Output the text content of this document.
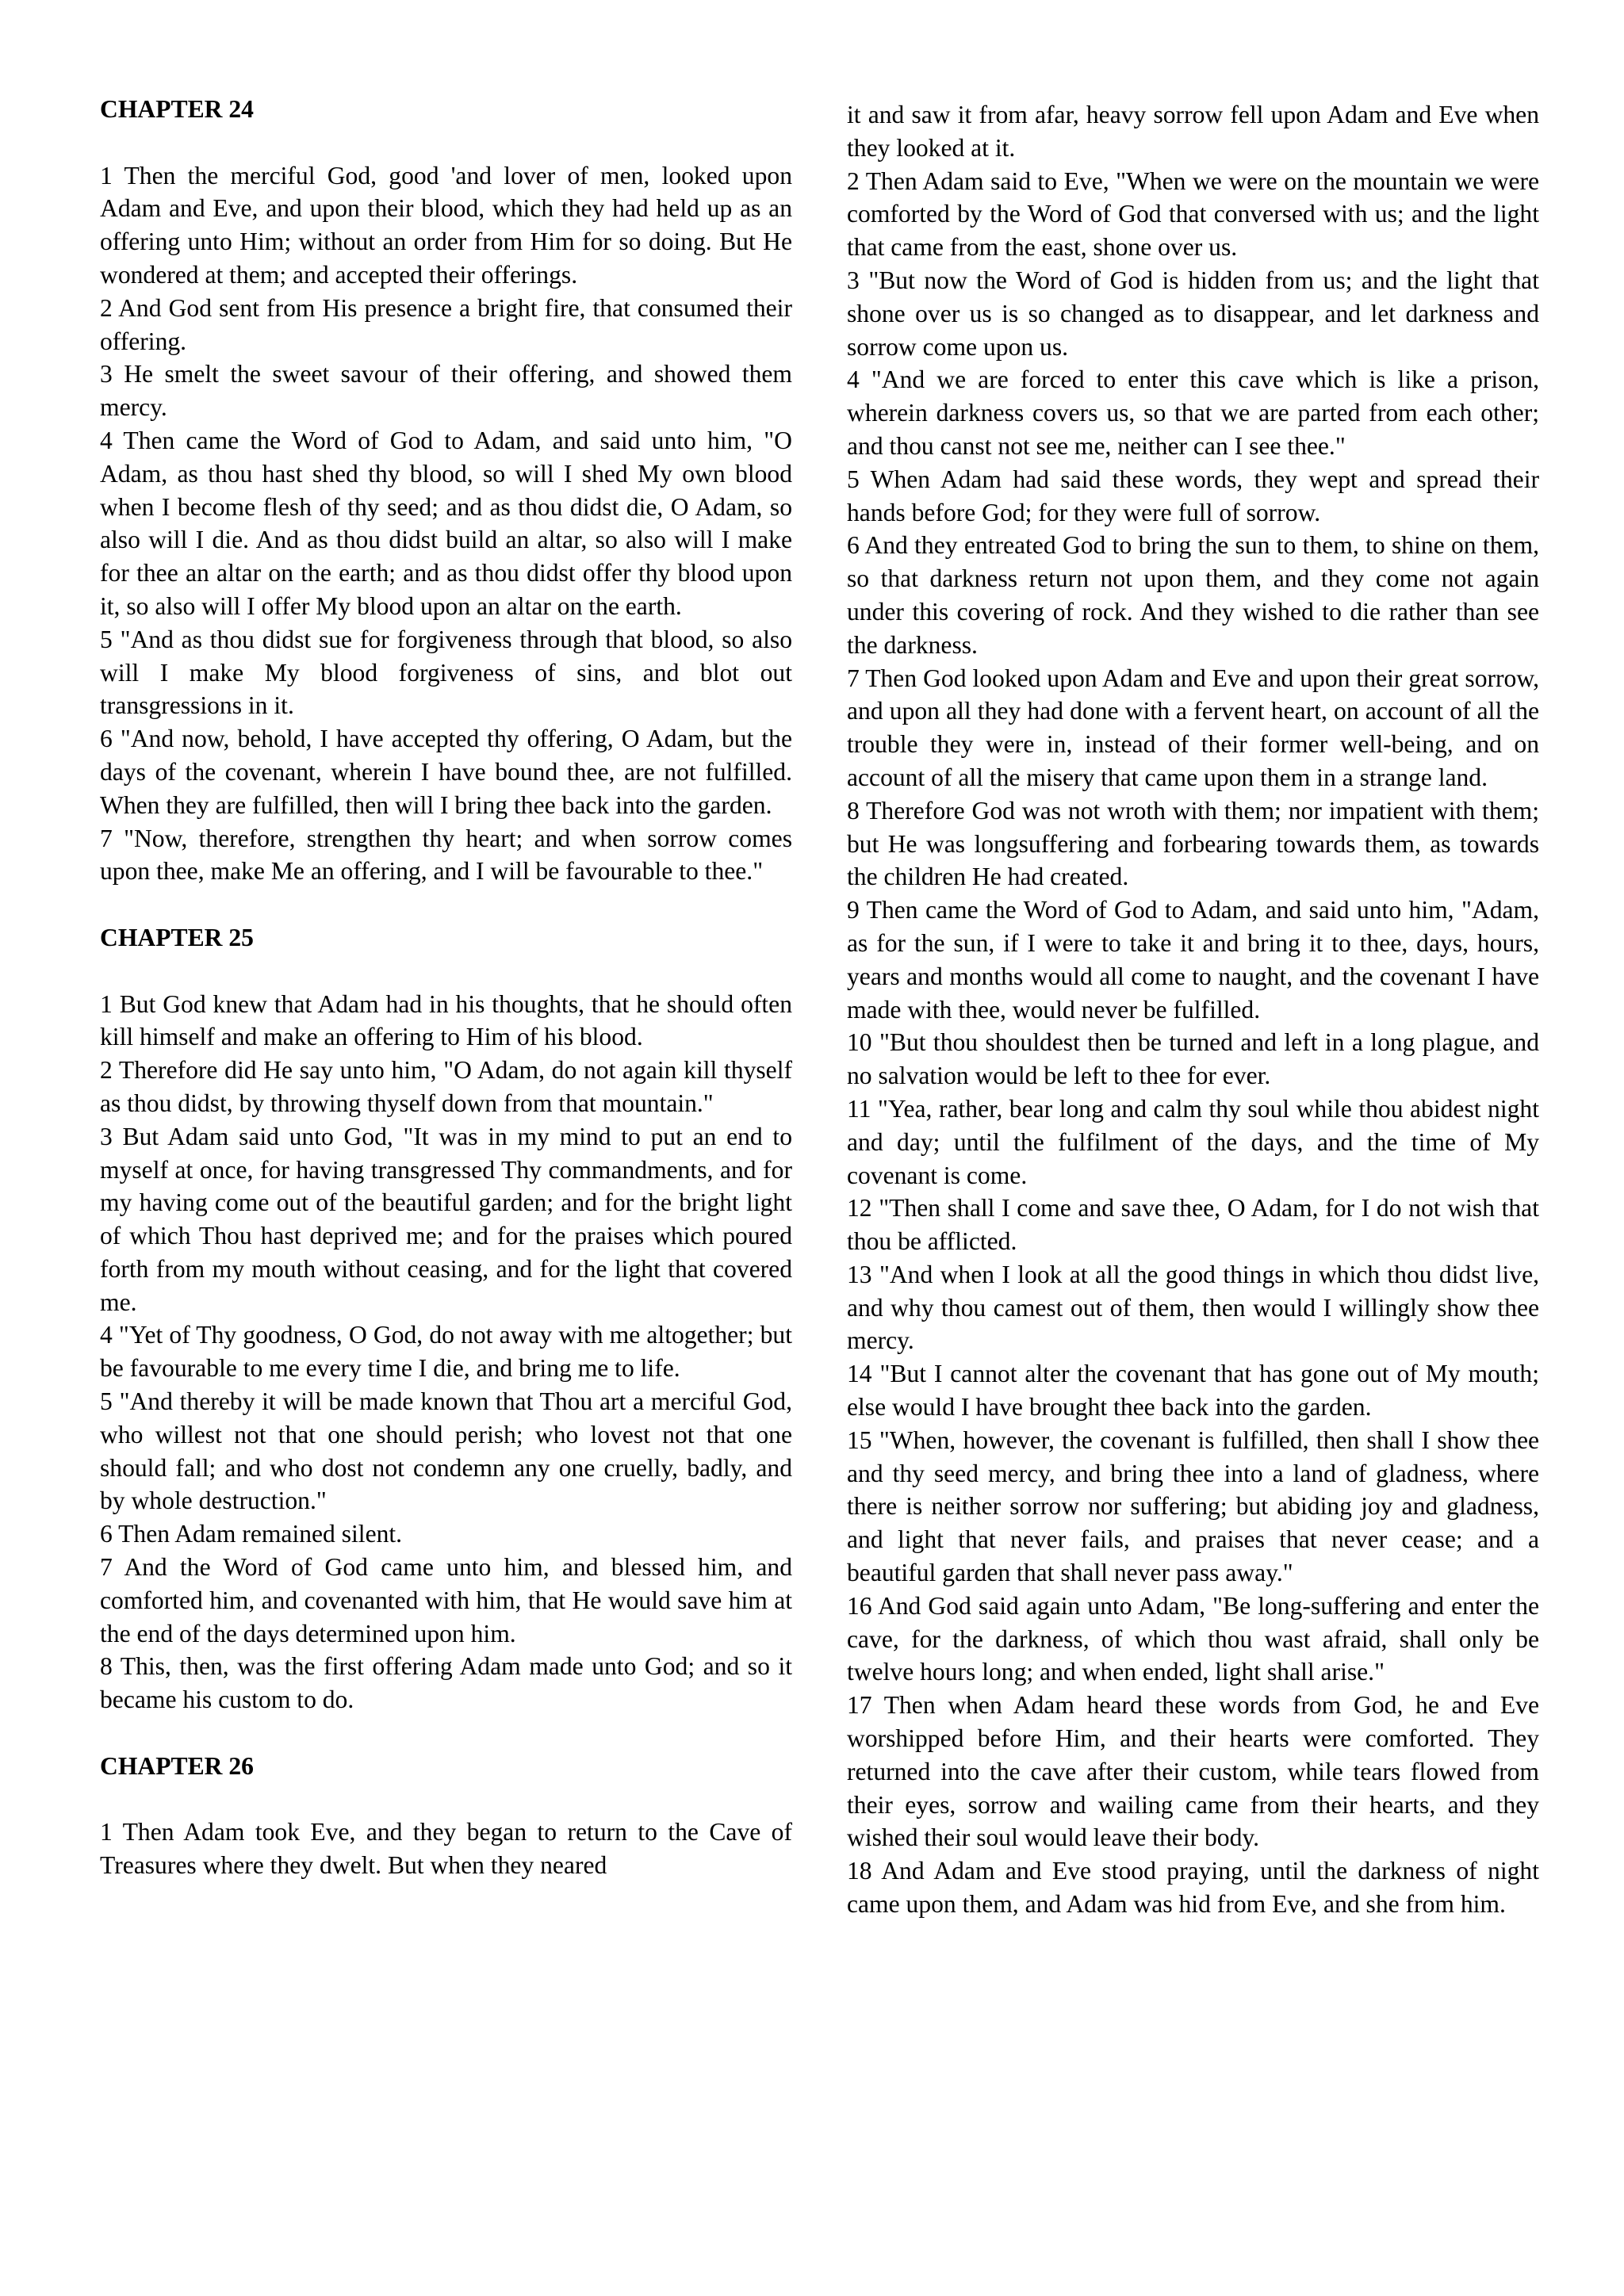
CHAPTER 24

1 Then the merciful God, good 'and lover of men, looked upon Adam and Eve, and upon their blood, which they had held up as an offering unto Him; without an order from Him for so doing. But He wondered at them; and accepted their offerings.

2 And God sent from His presence a bright fire, that consumed their offering.

3 He smelt the sweet savour of their offering, and showed them mercy.

4 Then came the Word of God to Adam, and said unto him, "O Adam, as thou hast shed thy blood, so will I shed My own blood when I become flesh of thy seed; and as thou didst die, O Adam, so also will I die. And as thou didst build an altar, so also will I make for thee an altar on the earth; and as thou didst offer thy blood upon it, so also will I offer My blood upon an altar on the earth.

5 "And as thou didst sue for forgiveness through that blood, so also will I make My blood forgiveness of sins, and blot out transgressions in it.

6 "And now, behold, I have accepted thy offering, O Adam, but the days of the covenant, wherein I have bound thee, are not fulfilled. When they are fulfilled, then will I bring thee back into the garden.

7 "Now, therefore, strengthen thy heart; and when sorrow comes upon thee, make Me an offering, and I will be favourable to thee."

CHAPTER 25

1 But God knew that Adam had in his thoughts, that he should often kill himself and make an offering to Him of his blood.

2 Therefore did He say unto him, "O Adam, do not again kill thyself as thou didst, by throwing thyself down from that mountain."

3 But Adam said unto God, "It was in my mind to put an end to myself at once, for having transgressed Thy commandments, and for my having come out of the beautiful garden; and for the bright light of which Thou hast deprived me; and for the praises which poured forth from my mouth without ceasing, and for the light that covered me.

4 "Yet of Thy goodness, O God, do not away with me altogether; but be favourable to me every time I die, and bring me to life.

5 "And thereby it will be made known that Thou art a merciful God, who willest not that one should perish; who lovest not that one should fall; and who dost not condemn any one cruelly, badly, and by whole destruction."

6 Then Adam remained silent.

7 And the Word of God came unto him, and blessed him, and comforted him, and covenanted with him, that He would save him at the end of the days determined upon him.

8 This, then, was the first offering Adam made unto God; and so it became his custom to do.

CHAPTER 26

1 Then Adam took Eve, and they began to return to the Cave of Treasures where they dwelt. But when they neared

it and saw it from afar, heavy sorrow fell upon Adam and Eve when they looked at it.

2 Then Adam said to Eve, "When we were on the mountain we were comforted by the Word of God that conversed with us; and the light that came from the east, shone over us.

3 "But now the Word of God is hidden from us; and the light that shone over us is so changed as to disappear, and let darkness and sorrow come upon us.

4 "And we are forced to enter this cave which is like a prison, wherein darkness covers us, so that we are parted from each other; and thou canst not see me, neither can I see thee."

5 When Adam had said these words, they wept and spread their hands before God; for they were full of sorrow.

6 And they entreated God to bring the sun to them, to shine on them, so that darkness return not upon them, and they come not again under this covering of rock. And they wished to die rather than see the darkness.

7 Then God looked upon Adam and Eve and upon their great sorrow, and upon all they had done with a fervent heart, on account of all the trouble they were in, instead of their former well-being, and on account of all the misery that came upon them in a strange land.

8 Therefore God was not wroth with them; nor impatient with them; but He was longsuffering and forbearing towards them, as towards the children He had created.

9 Then came the Word of God to Adam, and said unto him, "Adam, as for the sun, if I were to take it and bring it to thee, days, hours, years and months would all come to naught, and the covenant I have made with thee, would never be fulfilled.

10 "But thou shouldest then be turned and left in a long plague, and no salvation would be left to thee for ever.

11 "Yea, rather, bear long and calm thy soul while thou abidest night and day; until the fulfilment of the days, and the time of My covenant is come.

12 "Then shall I come and save thee, O Adam, for I do not wish that thou be afflicted.

13 "And when I look at all the good things in which thou didst live, and why thou camest out of them, then would I willingly show thee mercy.

14 "But I cannot alter the covenant that has gone out of My mouth; else would I have brought thee back into the garden.

15 "When, however, the covenant is fulfilled, then shall I show thee and thy seed mercy, and bring thee into a land of gladness, where there is neither sorrow nor suffering; but abiding joy and gladness, and light that never fails, and praises that never cease; and a beautiful garden that shall never pass away."

16 And God said again unto Adam, "Be long-suffering and enter the cave, for the darkness, of which thou wast afraid, shall only be twelve hours long; and when ended, light shall arise."

17 Then when Adam heard these words from God, he and Eve worshipped before Him, and their hearts were comforted. They returned into the cave after their custom, while tears flowed from their eyes, sorrow and wailing came from their hearts, and they wished their soul would leave their body.

18 And Adam and Eve stood praying, until the darkness of night came upon them, and Adam was hid from Eve, and she from him.
